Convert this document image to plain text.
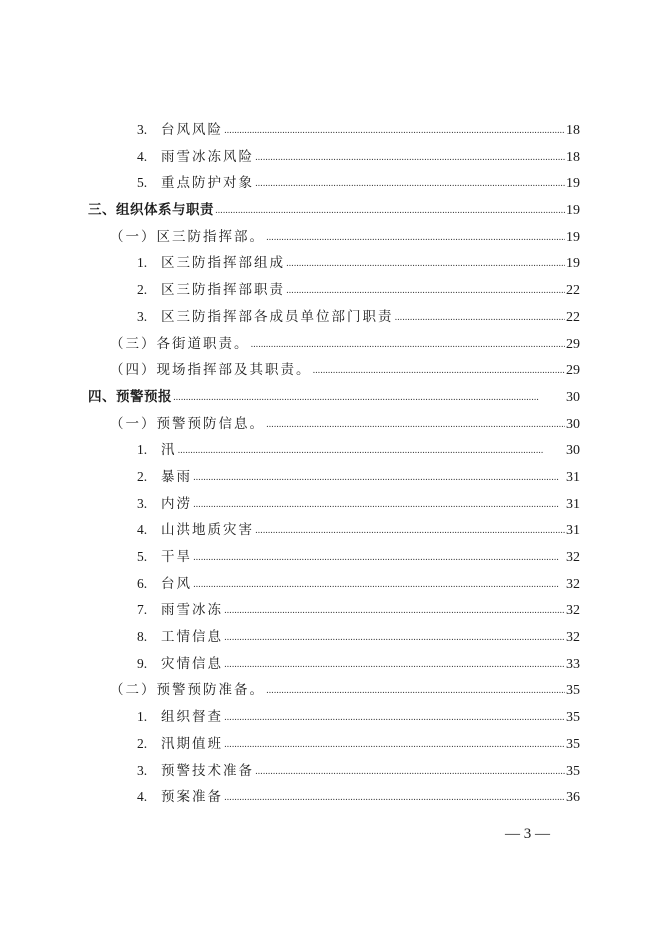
3.	台风风险 . . .	18
4.	雨雪冰冻风险 . . .	18
5.	重点防护对象 . . .	19
三、组织体系与职责 . . .	19
（一）区三防指挥部。 . . .	19
1.	区三防指挥部组成 . . .	19
2.	区三防指挥部职责 . . .	22
3.	区三防指挥部各成员单位部门职责 . . .	22
（三）各街道职责。 . . .	29
（四）现场指挥部及其职责。 . . .	29
四、预警预报 . . .	30
（一）预警预防信息。 . . .	30
1.	汛 . . .	30
2.	暴雨 . . .	31
3.	内涝 . . .	31
4.	山洪地质灾害 . . .	31
5.	干旱 . . .	32
6.	台风 . . .	32
7.	雨雪冰冻 . . .	32
8.	工情信息 . . .	32
9.	灾情信息 . . .	33
（二）预警预防准备。 . . .	35
1.	组织督查 . . .	35
2.	汛期值班 . . .	35
3.	预警技术准备 . . .	35
4.	预案准备 . . .	36
— 3 —
